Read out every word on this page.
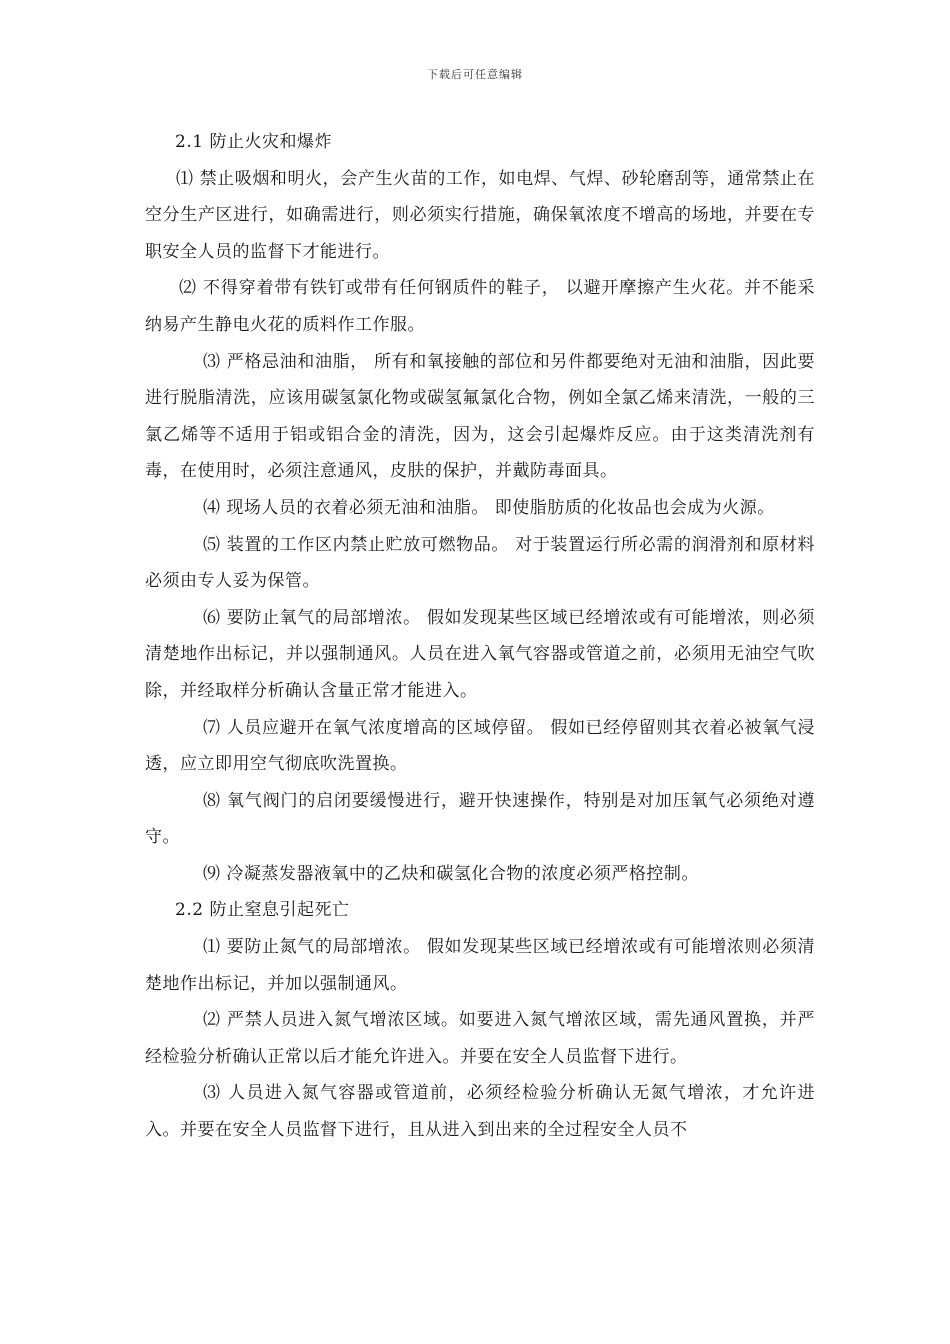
下载后可任意编辑

2.1 防止火灾和爆炸

⑴ 禁止吸烟和明火，会产生火苗的工作，如电焊、气焊、砂轮磨刮等，通常禁止在空分生产区进行，如确需进行，则必须实行措施，确保氧浓度不增高的场地，并要在专职安全人员的监督下才能进行。

⑵ 不得穿着带有铁钉或带有任何钢质件的鞋子， 以避开摩擦产生火花。并不能采纳易产生静电火花的质料作工作服。

⑶ 严格忌油和油脂， 所有和氧接触的部位和另件都要绝对无油和油脂，因此要进行脱脂清洗，应该用碳氢氯化物或碳氢氟氯化合物，例如全氯乙烯来清洗，一般的三氯乙烯等不适用于铝或铝合金的清洗，因为，这会引起爆炸反应。由于这类清洗剂有毒，在使用时，必须注意通风，皮肤的保护，并戴防毒面具。

⑷ 现场人员的衣着必须无油和油脂。 即使脂肪质的化妆品也会成为火源。

⑸ 装置的工作区内禁止贮放可燃物品。 对于装置运行所必需的润滑剂和原材料必须由专人妥为保管。

⑹ 要防止氧气的局部增浓。 假如发现某些区域已经增浓或有可能增浓，则必须清楚地作出标记，并以强制通风。人员在进入氧气容器或管道之前，必须用无油空气吹除，并经取样分析确认含量正常才能进入。

⑺ 人员应避开在氧气浓度增高的区域停留。 假如已经停留则其衣着必被氧气浸透，应立即用空气彻底吹洗置换。

⑻ 氧气阀门的启闭要缓慢进行，避开快速操作，特别是对加压氧气必须绝对遵守。

⑼ 冷凝蒸发器液氧中的乙炔和碳氢化合物的浓度必须严格控制。

2.2 防止窒息引起死亡

⑴ 要防止氮气的局部增浓。 假如发现某些区域已经增浓或有可能增浓则必须清楚地作出标记，并加以强制通风。

⑵ 严禁人员进入氮气增浓区域。如要进入氮气增浓区域，需先通风置换，并严经检验分析确认正常以后才能允许进入。并要在安全人员监督下进行。

⑶ 人员进入氮气容器或管道前，必须经检验分析确认无氮气增浓，才允许进入。并要在安全人员监督下进行，且从进入到出来的全过程安全人员不
